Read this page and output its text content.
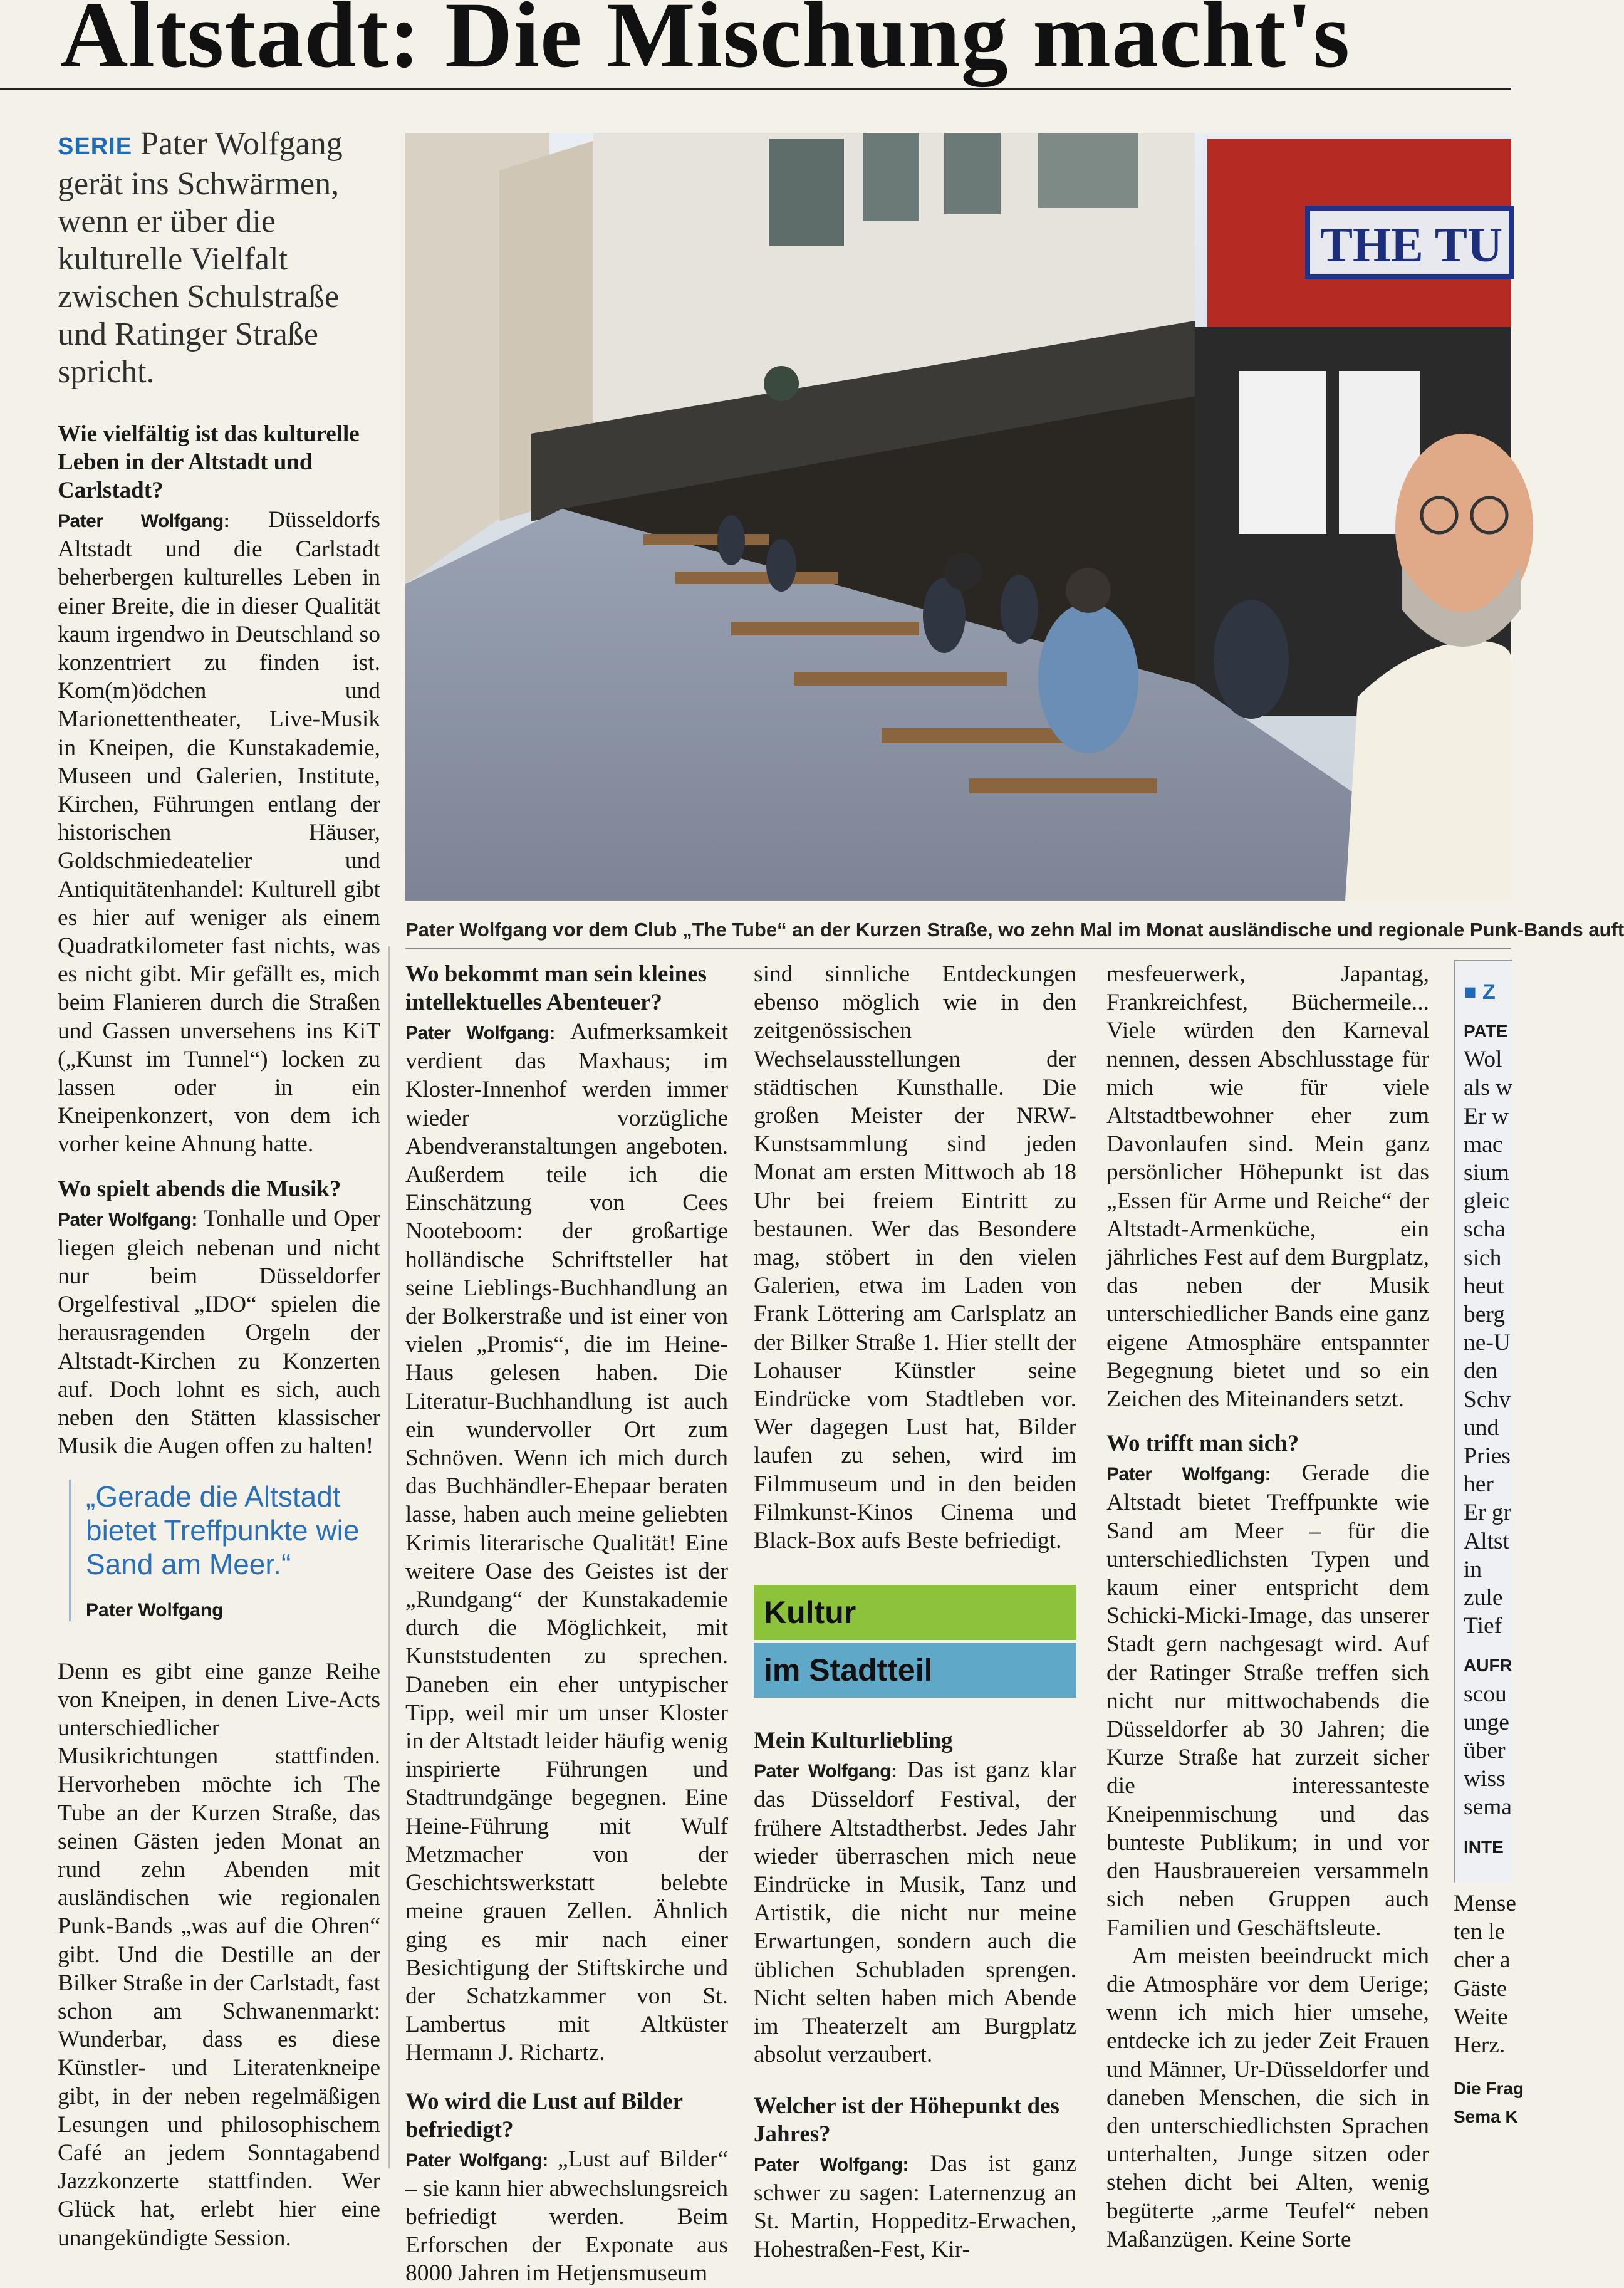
Altstadt: Die Mischung macht's
SERIE Pater Wolfgang gerät ins Schwärmen, wenn er über die kulturelle Vielfalt zwischen Schulstraße und Ratinger Straße spricht.
THE TU
Pater Wolfgang vor dem Club „The Tube“ an der Kurzen Straße, wo zehn Mal im Monat ausländische und regionale Punk-Bands auft

Wie vielfältig ist das kulturelle Leben in der Altstadt und Carlstadt?

Pater Wolfgang: Düsseldorfs Altstadt und die Carlstadt beherbergen kulturelles Leben in einer Breite, die in dieser Qualität kaum irgendwo in Deutschland so konzentriert zu finden ist. Kom(m)ödchen und Marionettentheater, Live-Musik in Kneipen, die Kunstakademie, Museen und Galerien, Institute, Kirchen, Führungen entlang der historischen Häuser, Goldschmiedeatelier und Antiquitätenhandel: Kulturell gibt es hier auf weniger als einem Quadratkilometer fast nichts, was es nicht gibt. Mir gefällt es, mich beim Flanieren durch die Straßen und Gassen unversehens ins KiT („Kunst im Tunnel“) locken zu lassen oder in ein Kneipenkonzert, von dem ich vorher keine Ahnung hatte.

Wo spielt abends die Musik?

Pater Wolfgang: Tonhalle und Oper liegen gleich nebenan und nicht nur beim Düsseldorfer Orgelfestival „IDO“ spielen die herausragenden Orgeln der Altstadt-Kirchen zu Konzerten auf. Doch lohnt es sich, auch neben den Stätten klassischer Musik die Augen offen zu halten!

„Gerade die Altstadt bietet Treffpunkte wie Sand am Meer.“
Pater Wolfgang

Denn es gibt eine ganze Reihe von Kneipen, in denen Live-Acts unterschiedlicher Musikrichtungen stattfinden. Hervorheben möchte ich The Tube an der Kurzen Straße, das seinen Gästen jeden Monat an rund zehn Abenden mit ausländischen wie regionalen Punk-Bands „was auf die Ohren“ gibt. Und die Destille an der Bilker Straße in der Carlstadt, fast schon am Schwanenmarkt: Wunderbar, dass es diese Künstler- und Literatenkneipe gibt, in der neben regelmäßigen Lesungen und philosophischem Café an jedem Sonntagabend Jazzkonzerte stattfinden. Wer Glück hat, erlebt hier eine unangekündigte Session.

Wo bekommt man sein kleines intellektuelles Abenteuer?

Pater Wolfgang: Aufmerksamkeit verdient das Maxhaus; im Kloster-Innenhof werden immer wieder vorzügliche Abendveranstaltungen angeboten. Außerdem teile ich die Einschätzung von Cees Nooteboom: der großartige holländische Schriftsteller hat seine Lieblings-Buchhandlung an der Bolkerstraße und ist einer von vielen „Promis“, die im Heine-Haus gelesen haben. Die Literatur-Buchhandlung ist auch ein wundervoller Ort zum Schnöven. Wenn ich mich durch das Buchhändler-Ehepaar beraten lasse, haben auch meine geliebten Krimis literarische Qualität! Eine weitere Oase des Geistes ist der „Rundgang“ der Kunstakademie durch die Möglichkeit, mit Kunststudenten zu sprechen. Daneben ein eher untypischer Tipp, weil mir um unser Kloster in der Altstadt leider häufig wenig inspirierte Führungen und Stadtrundgänge begegnen. Eine Heine-Führung mit Wulf Metzmacher von der Geschichtswerkstatt belebte meine grauen Zellen. Ähnlich ging es mir nach einer Besichtigung der Stiftskirche und der Schatzkammer von St. Lambertus mit Altküster Hermann J. Richartz.

Wo wird die Lust auf Bilder befriedigt?

Pater Wolfgang: „Lust auf Bilder“ – sie kann hier abwechslungsreich befriedigt werden. Beim Erforschen der Exponate aus 8000 Jahren im Hetjensmuseum

sind sinnliche Entdeckungen ebenso möglich wie in den zeitgenössischen Wechselausstellungen der städtischen Kunsthalle. Die großen Meister der NRW-Kunstsammlung sind jeden Monat am ersten Mittwoch ab 18 Uhr bei freiem Eintritt zu bestaunen. Wer das Besondere mag, stöbert in den vielen Galerien, etwa im Laden von Frank Löttering am Carlsplatz an der Bilker Straße 1. Hier stellt der Lohauser Künstler seine Eindrücke vom Stadtleben vor. Wer dagegen Lust hat, Bilder laufen zu sehen, wird im Filmmuseum und in den beiden Filmkunst-Kinos Cinema und Black-Box aufs Beste befriedigt.

Kultur
im Stadtteil

Mein Kulturliebling

Pater Wolfgang: Das ist ganz klar das Düsseldorf Festival, der frühere Altstadtherbst. Jedes Jahr wieder überraschen mich neue Eindrücke in Musik, Tanz und Artistik, die nicht nur meine Erwartungen, sondern auch die üblichen Schubladen sprengen. Nicht selten haben mich Abende im Theaterzelt am Burgplatz absolut verzaubert.

Welcher ist der Höhepunkt des Jahres?

Pater Wolfgang: Das ist ganz schwer zu sagen: Laternenzug an St. Martin, Hoppeditz-Erwachen, Hohestraßen-Fest, Kir-

mesfeuerwerk, Japantag, Frankreichfest, Büchermeile... Viele würden den Karneval nennen, dessen Abschlusstage für mich wie für viele Altstadtbewohner eher zum Davonlaufen sind. Mein ganz persönlicher Höhepunkt ist das „Essen für Arme und Reiche“ der Altstadt-Armenküche, ein jährliches Fest auf dem Burgplatz, das neben der Musik unterschiedlicher Bands eine ganz eigene Atmosphäre entspannter Begegnung bietet und so ein Zeichen des Miteinanders setzt.

Wo trifft man sich?

Pater Wolfgang: Gerade die Altstadt bietet Treffpunkte wie Sand am Meer – für die unterschiedlichsten Typen und kaum einer entspricht dem Schicki-Micki-Image, das unserer Stadt gern nachgesagt wird. Auf der Ratinger Straße treffen sich nicht nur mittwochabends die Düsseldorfer ab 30 Jahren; die Kurze Straße hat zurzeit sicher die interessanteste Kneipenmischung und das bunteste Publikum; in und vor den Hausbrauereien versammeln sich neben Gruppen auch Familien und Geschäftsleute.

Am meisten beeindruckt mich die Atmosphäre vor dem Uerige; wenn ich mich hier umsehe, entdecke ich zu jeder Zeit Frauen und Männer, Ur-Düsseldorfer und daneben Menschen, die sich in den unterschiedlichsten Sprachen unterhalten, Junge sitzen oder stehen dicht bei Alten, wenig begüterte „arme Teufel“ neben Maßanzügen. Keine Sorte

■ Z
PATE
Wol
als w
Er w
mac
sium
gleic
scha
sich
heut
berg
ne-U
den
Schv
und
Pries
her
Er gr
Altst
in
zule
Tief
AUFR
scou
unge
über
wiss
sema
INTE
Mense
ten le
cher a
Gäste
Weite
Herz.
Die Frag
Sema K
